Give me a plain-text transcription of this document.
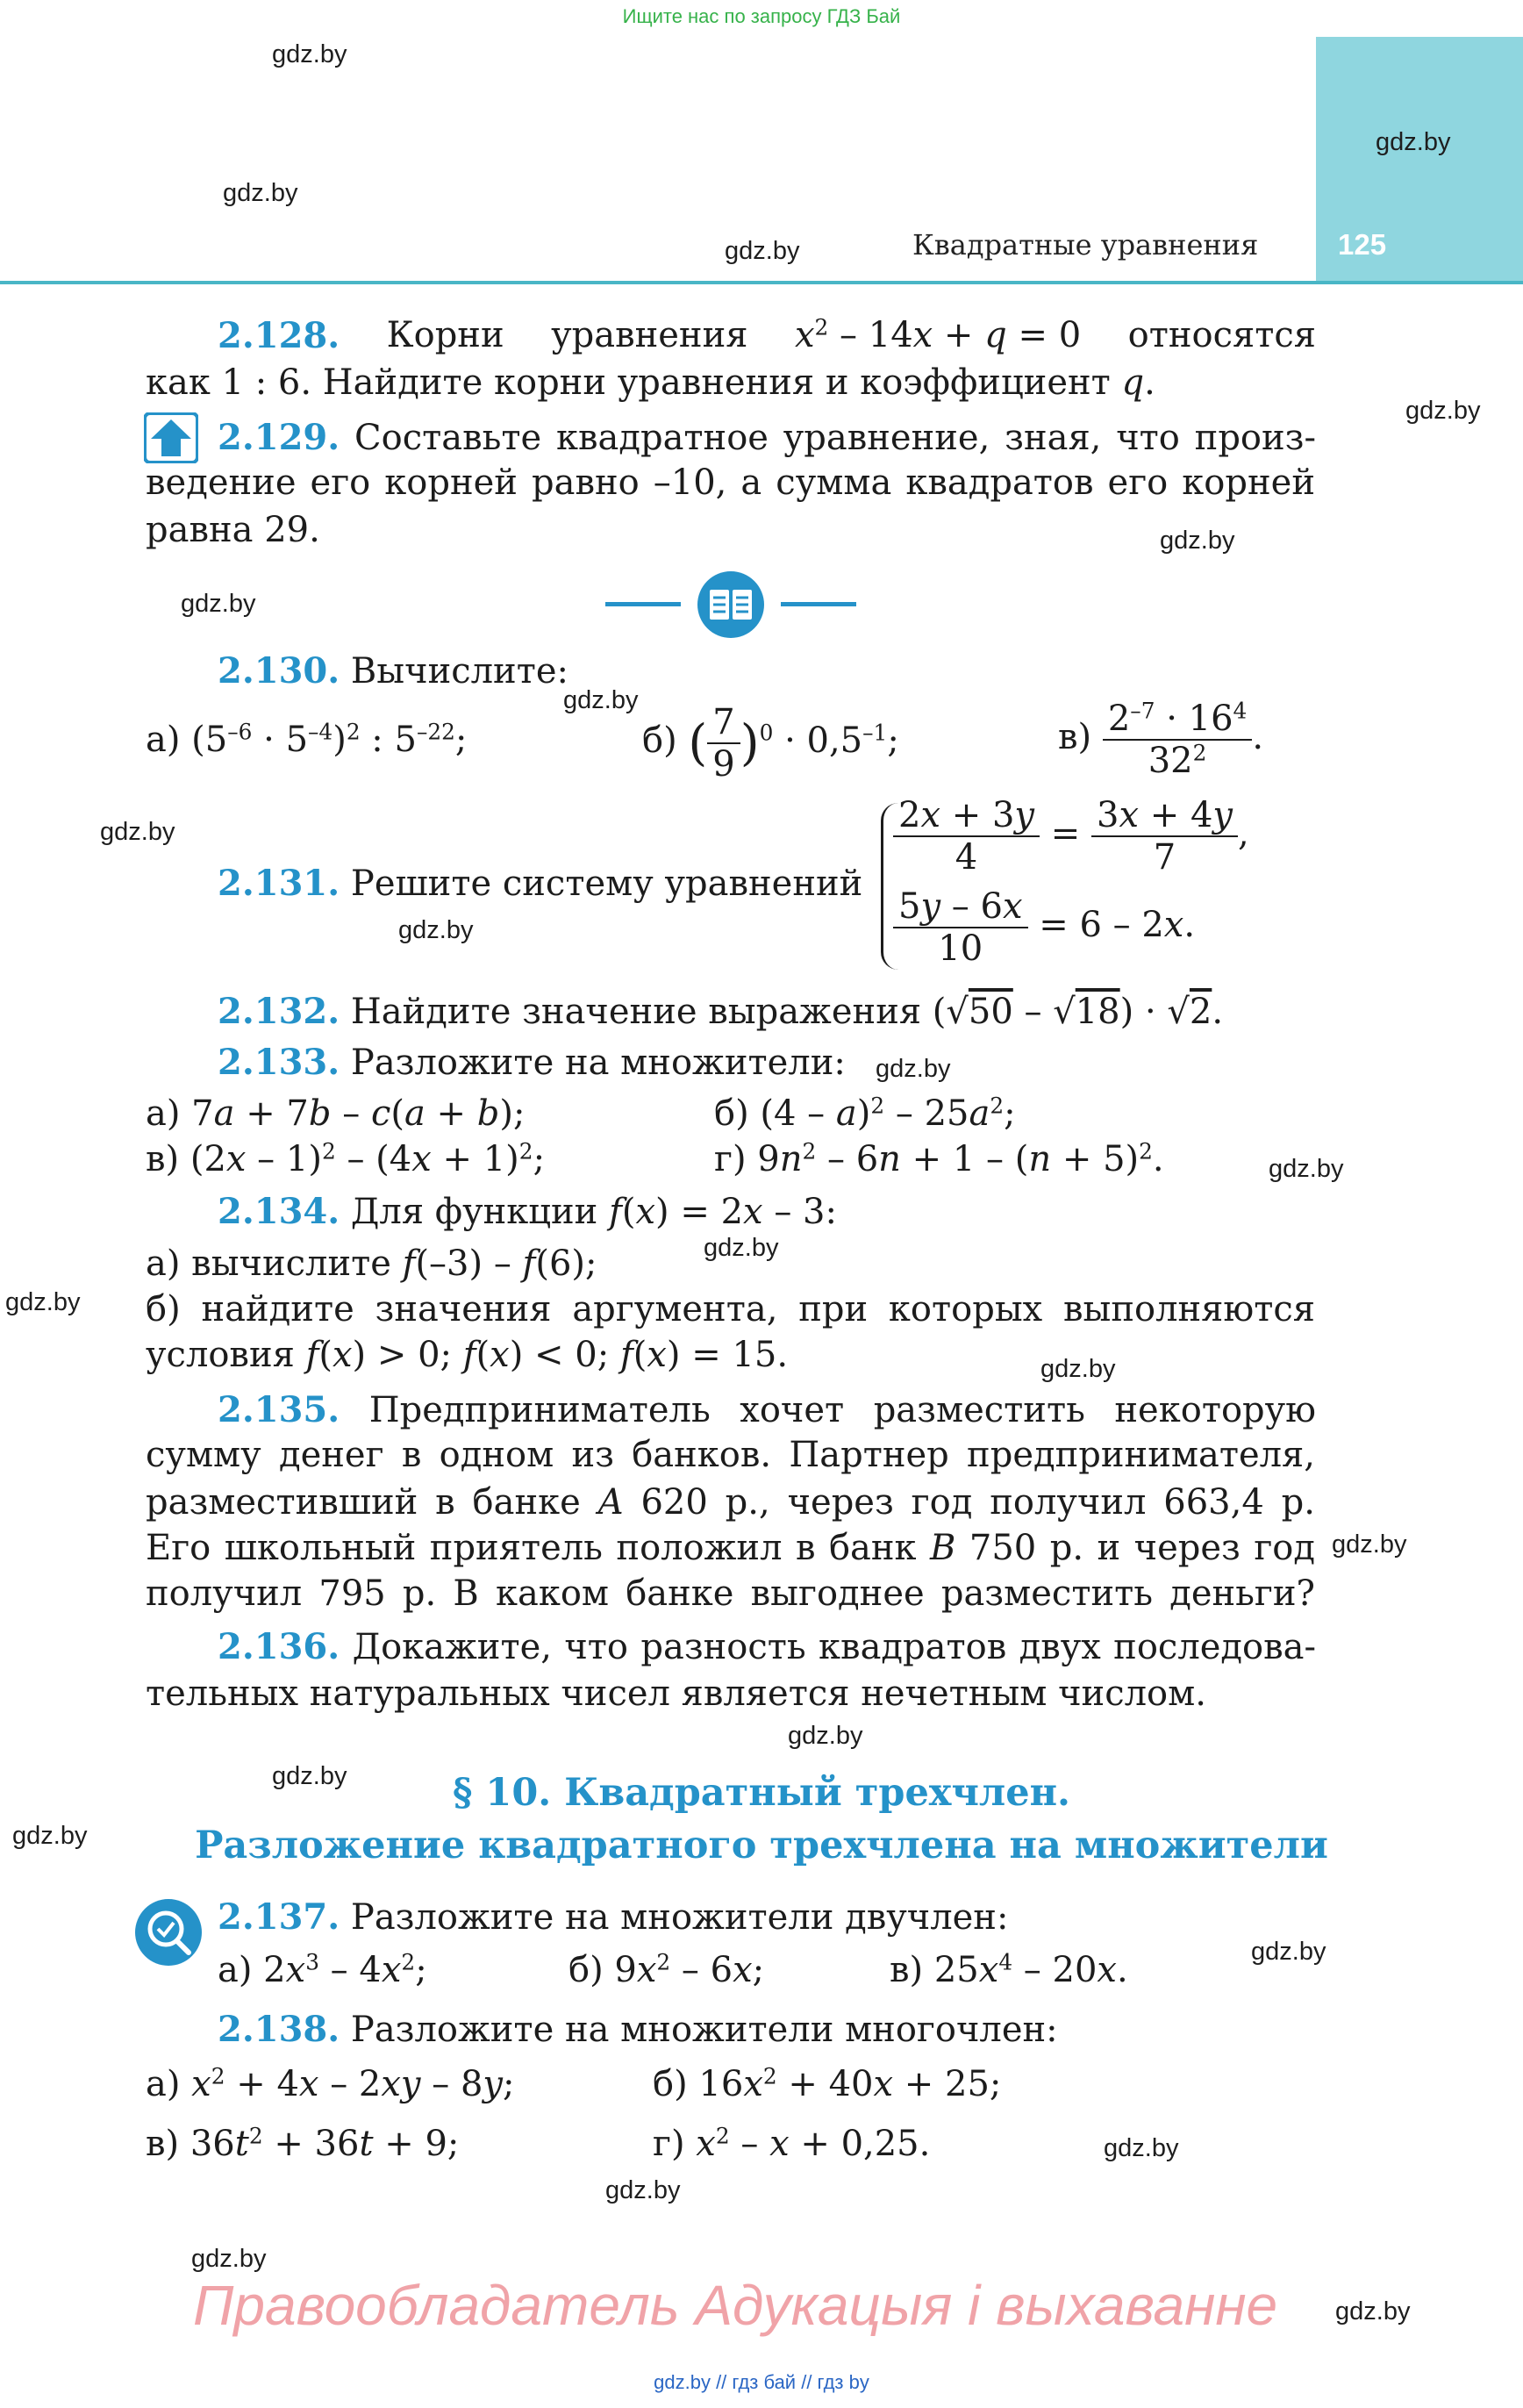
Ищите нас по запросу ГДЗ Бай
Квадратные уравнения	125
gdz.by
gdz.by
gdz.by
gdz.by
gdz.by
gdz.by
gdz.by
gdz.by
gdz.by
gdz.by
gdz.by
gdz.by
gdz.by
gdz.by
gdz.by
gdz.by
gdz.by
gdz.by
gdz.by
gdz.by
gdz.by
gdz.by
gdz.by
gdz.by
2.128. Корни уравнения $x^2 - 14x + q = 0$ относятся
как 1 : 6. Найдите корни уравнения и коэффициент q.
2.129. Составьте квадратное уравнение, зная, что произ-
ведение его корней равно –10, а сумма квадратов его корней
равна 29.
2.130. Вычислите:
а) $(5^{-6} \cdot 5^{-4})^2$ : $5^{-22}$;	б) ( $\frac{7}{9} )^0 \cdot 0,5^{-1}$;	$в) \frac{2^{-7} \cdot 16^4}{32^2}$ .
2.131. Решите систему уравнений
$\frac{2x + 3y}{4} = \frac{3x + 4y}{7}$ ,
$\frac{5y - 6x}{10} = 6 - 2x$.
2.132. Найдите значение выражения (√50 – √18) · √2.
2.133. Разложите на множители:
а) 7a + 7b – c(a + b);	б) $(4 - a)^2 - 25a^2$;
в) $(2x - 1)^2 - (4x + 1)^2$;	г) $9n^2 - 6n + 1 - (n + 5)^2$.
2.134. Для функции f(x) = 2x – 3:
а) вычислите f(–3) – f(6);
б) найдите значения аргумента, при которых выполняются
условия f(x) > 0; f(x) < 0; f(x) = 15.
2.135. Предприниматель хочет разместить некоторую
сумму денег в одном из банков. Партнер предпринимателя,
разместивший в банке A 620 р., через год получил 663,4 р.
Его школьный приятель положил в банк B 750 р. и через год
получил 795 р. В каком банке выгоднее разместить деньги?
2.136. Докажите, что разность квадратов двух последова-
тельных натуральных чисел является нечетным числом.
§ 10. Квадратный трехчлен.
Разложение квадратного трехчлена на множители
2.137. Разложите на множители двучлен:
а) $2x^3 - 4x^2$;	б) $9x^2 - 6x$;	в) $25x^4 - 20x$.
2.138. Разложите на множители многочлен:
а) $x^2 + 4x - 2xy - 8y$;	б) $16x^2 + 40x + 25$;
в) $36t^2 + 36t + 9$;	г) $x^2 - x + 0,25$.
Правообладатель Адукацыя і выхаванне
gdz.by // гдз бай // гдз by
